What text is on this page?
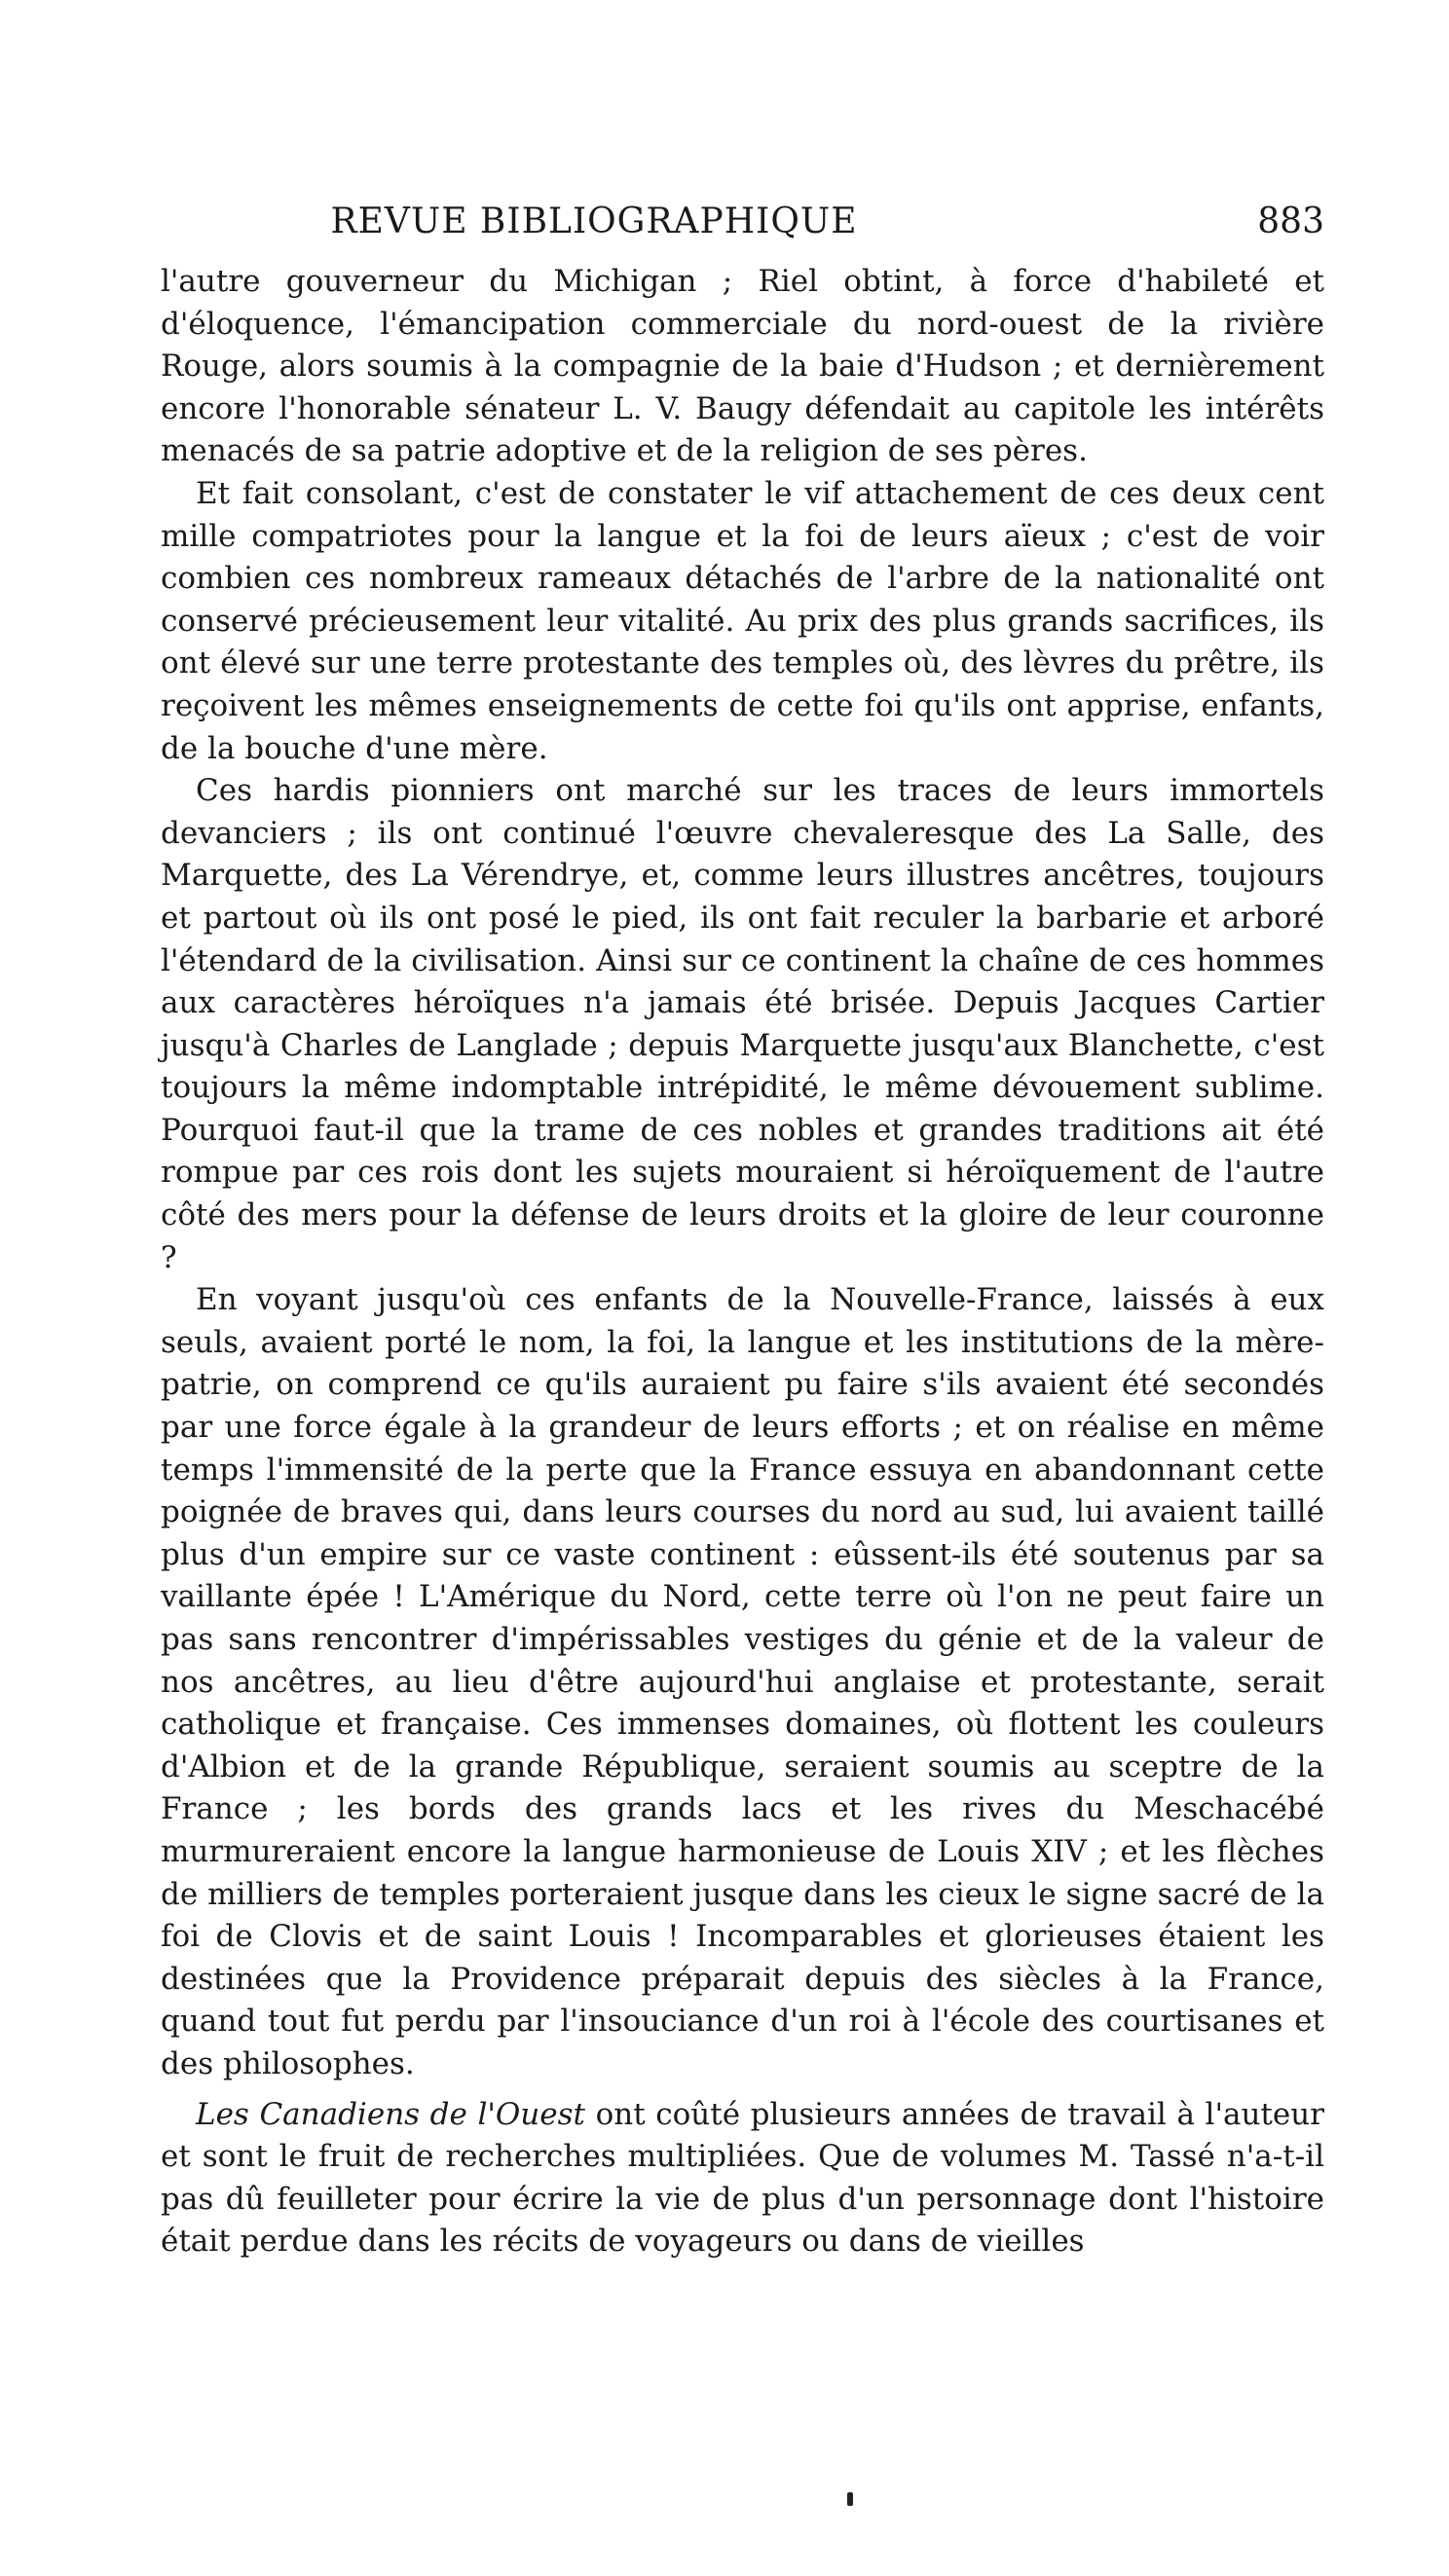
REVUE BIBLIOGRAPHIQUE	883

l'autre gouverneur du Michigan ; Riel obtint, à force d'habileté et d'éloquence, l'émancipation commerciale du nord-ouest de la rivière Rouge, alors soumis à la compagnie de la baie d'Hudson ; et dernièrement encore l'honorable sénateur L. V. Baugy défendait au capitole les intérêts menacés de sa patrie adoptive et de la religion de ses pères.

Et fait consolant, c'est de constater le vif attachement de ces deux cent mille compatriotes pour la langue et la foi de leurs aïeux ; c'est de voir combien ces nombreux rameaux détachés de l'arbre de la nationalité ont conservé précieusement leur vitalité. Au prix des plus grands sacrifices, ils ont élevé sur une terre protestante des temples où, des lèvres du prêtre, ils reçoivent les mêmes enseignements de cette foi qu'ils ont apprise, enfants, de la bouche d'une mère.

Ces hardis pionniers ont marché sur les traces de leurs immortels devanciers ; ils ont continué l'œuvre chevaleresque des La Salle, des Marquette, des La Vérendrye, et, comme leurs illustres ancêtres, toujours et partout où ils ont posé le pied, ils ont fait reculer la barbarie et arboré l'étendard de la civilisation. Ainsi sur ce continent la chaîne de ces hommes aux caractères héroïques n'a jamais été brisée. Depuis Jacques Cartier jusqu'à Charles de Langlade ; depuis Marquette jusqu'aux Blanchette, c'est toujours la même indomptable intrépidité, le même dévouement sublime. Pourquoi faut-il que la trame de ces nobles et grandes traditions ait été rompue par ces rois dont les sujets mouraient si héroïquement de l'autre côté des mers pour la défense de leurs droits et la gloire de leur couronne ?

En voyant jusqu'où ces enfants de la Nouvelle-France, laissés à eux seuls, avaient porté le nom, la foi, la langue et les institutions de la mère-patrie, on comprend ce qu'ils auraient pu faire s'ils avaient été secondés par une force égale à la grandeur de leurs efforts ; et on réalise en même temps l'immensité de la perte que la France essuya en abandonnant cette poignée de braves qui, dans leurs courses du nord au sud, lui avaient taillé plus d'un empire sur ce vaste continent : eûssent-ils été soutenus par sa vaillante épée ! L'Amérique du Nord, cette terre où l'on ne peut faire un pas sans rencontrer d'impérissables vestiges du génie et de la valeur de nos ancêtres, au lieu d'être aujourd'hui anglaise et protestante, serait catholique et française. Ces immenses domaines, où flottent les couleurs d'Albion et de la grande République, seraient soumis au sceptre de la France ; les bords des grands lacs et les rives du Meschacébé murmureraient encore la langue harmonieuse de Louis XIV ; et les flèches de milliers de temples porteraient jusque dans les cieux le signe sacré de la foi de Clovis et de saint Louis ! Incomparables et glorieuses étaient les destinées que la Providence préparait depuis des siècles à la France, quand tout fut perdu par l'insouciance d'un roi à l'école des courtisanes et des philosophes.

Les Canadiens de l'Ouest ont coûté plusieurs années de travail à l'auteur et sont le fruit de recherches multipliées. Que de volumes M. Tassé n'a-t-il pas dû feuilleter pour écrire la vie de plus d'un personnage dont l'histoire était perdue dans les récits de voyageurs ou dans de vieilles
